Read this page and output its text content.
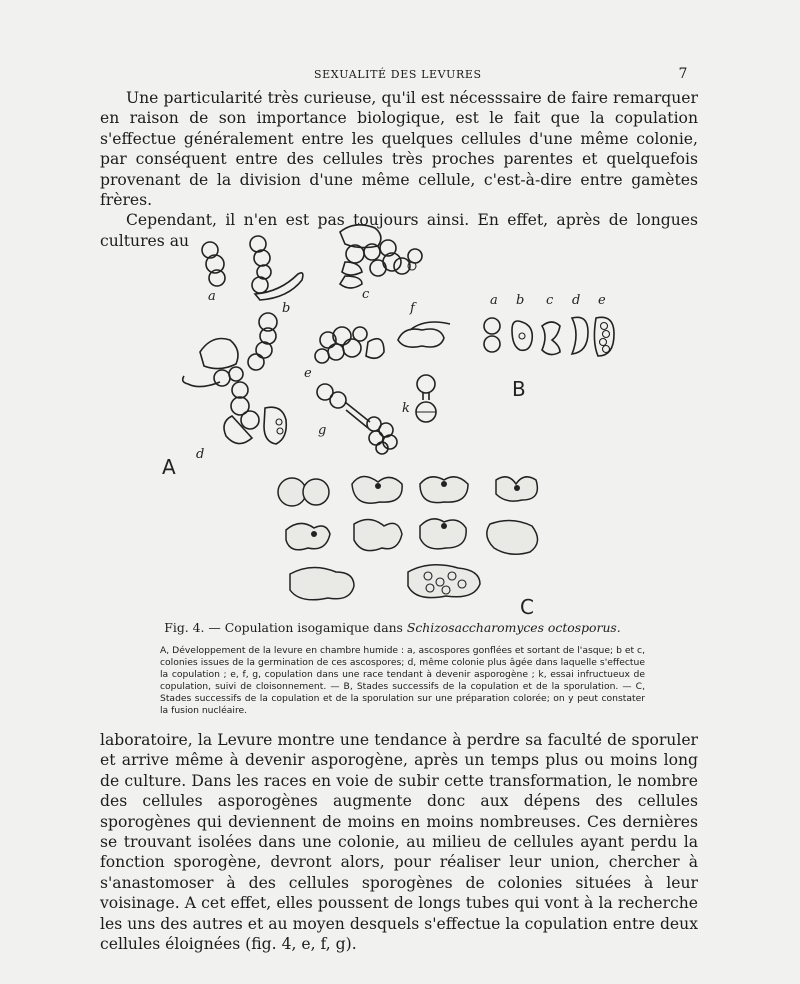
SEXUALITÉ DES LEVURES	7

Une particularité très curieuse, qu'il est nécesssaire de faire remarquer en raison de son importance biologique, est le fait que la copulation s'effectue généralement entre les quelques cellules d'une même colonie, par conséquent entre des cellules très proches parentes et quelquefois provenant de la division d'une même cellule, c'est-à-dire entre gamètes frères.

Cependant, il n'en est pas toujours ainsi. En effet, après de longues cultures au

a
b
c
d
e
f
g
k
A
a b c d e
B
C
Fig. 4. — Copulation isogamique dans Schizosaccharomyces octosporus.
A, Développement de la levure en chambre humide : a, ascospores gonflées et sortant de l'asque; b et c, colonies issues de la germination de ces ascospores; d, même colonie plus âgée dans laquelle s'effectue la copulation ; e, f, g, copulation dans une race tendant à devenir asporogène ; k, essai infructueux de copulation, suivi de cloisonnement. — B, Stades successifs de la copulation et de la sporulation. — C, Stades successifs de la copulation et de la sporulation sur une préparation colorée; on y peut constater la fusion nucléaire.

laboratoire, la Levure montre une tendance à perdre sa faculté de sporuler et arrive même à devenir asporogène, après un temps plus ou moins long de culture. Dans les races en voie de subir cette transformation, le nombre des cellules asporogènes augmente donc aux dépens des cellules sporogènes qui deviennent de moins en moins nombreuses. Ces dernières se trouvant isolées dans une colonie, au milieu de cellules ayant perdu la fonction sporogène, devront alors, pour réaliser leur union, chercher à s'anastomoser à des cellules sporogènes de colonies situées à leur voisinage. A cet effet, elles poussent de longs tubes qui vont à la recherche les uns des autres et au moyen desquels s'effectue la copulation entre deux cellules éloignées (fig. 4, e, f, g).
